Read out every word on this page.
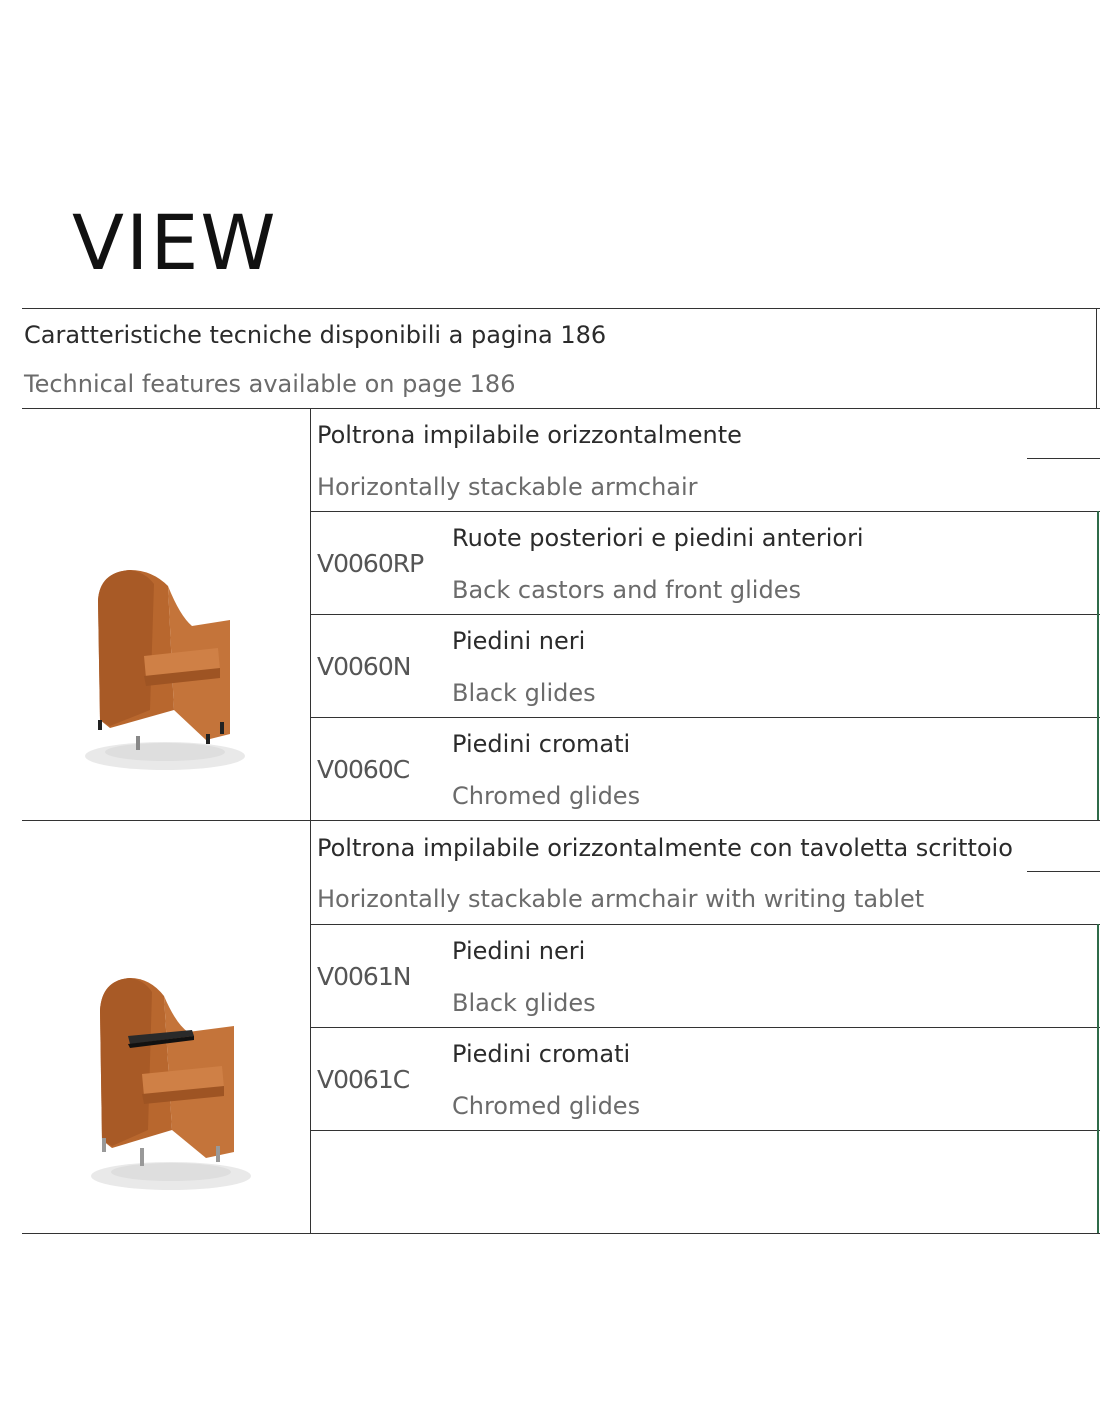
VIEW
Caratteristiche tecniche disponibili a pagina 186
Technical features available on page 186
Poltrona impilabile orizzontalmente
Horizontally stackable armchair
V0060RP
Ruote posteriori e piedini anteriori
Back castors and front glides
V0060N
Piedini neri
Black glides
V0060C
Piedini cromati
Chromed glides
Poltrona impilabile orizzontalmente con tavoletta scrittoio
Horizontally stackable armchair with writing tablet
V0061N
Piedini neri
Black glides
V0061C
Piedini cromati
Chromed glides
